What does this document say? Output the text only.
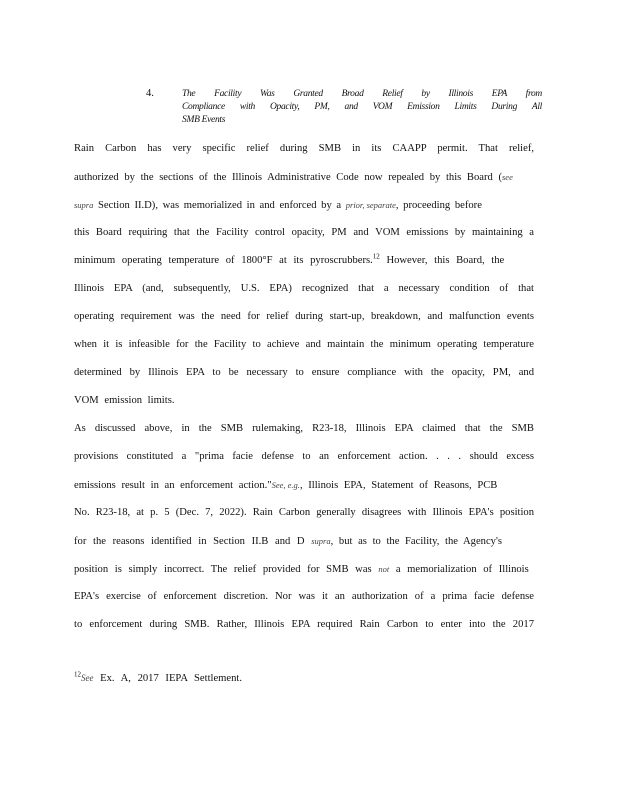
4.	The Facility Was Granted Broad Relief by Illinois EPA from
Compliance with Opacity, PM, and VOM Emission Limits During All
SMB Events
Rain Carbon has very specific relief during SMB in its CAAPP permit. That relief,
authorized by the sections of the Illinois Administrative Code now repealed by this Board (see
supra Section II.D), was memorialized in and enforced by a prior, separate, proceeding before
this Board requiring that the Facility control opacity, PM and VOM emissions by maintaining a
minimum operating temperature of 1800°F at its pyroscrubbers.$^{12}$ However, this Board, the
Illinois EPA (and, subsequently, U.S. EPA) recognized that a necessary condition of that
operating requirement was the need for relief during start-up, breakdown, and malfunction events
when it is infeasible for the Facility to achieve and maintain the minimum operating temperature
determined by Illinois EPA to be necessary to ensure compliance with the opacity, PM, and
VOM emission limits.
As discussed above, in the SMB rulemaking, R23-18, Illinois EPA claimed that the SMB
provisions constituted a "prima facie defense to an enforcement action. . . . should excess
emissions result in an enforcement action."See, e.g., Illinois EPA, Statement of Reasons, PCB
No. R23-18, at p. 5 (Dec. 7, 2022). Rain Carbon generally disagrees with Illinois EPA's position
for the reasons identified in Section II.B and D supra, but as to the Facility, the Agency's
position is simply incorrect. The relief provided for SMB was not a memorialization of Illinois
EPA's exercise of enforcement discretion. Nor was it an authorization of a prima facie defense
to enforcement during SMB. Rather, Illinois EPA required Rain Carbon to enter into the 2017
$^{12}$See Ex. A, 2017 IEPA Settlement.
